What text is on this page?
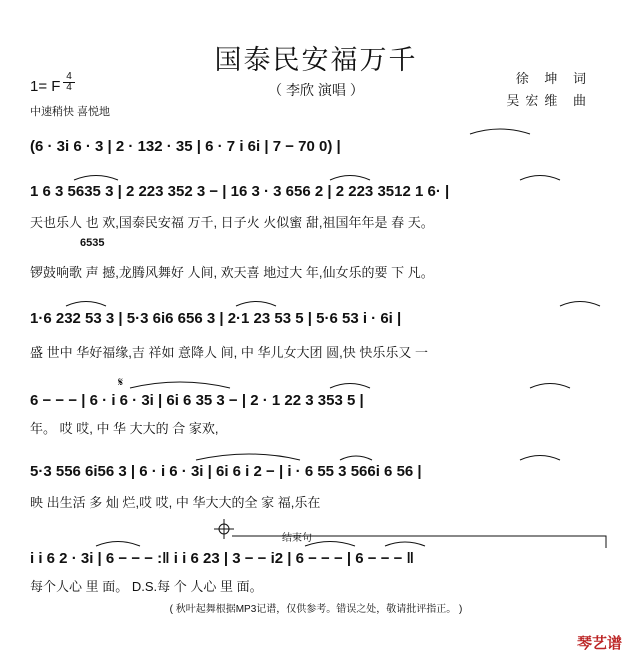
国泰民安福万千
（ 李欣 演唱 ）
1= F $\frac{4}{4}$
中速稍快 喜悦地
徐 坤 词
吴宏维 曲
(6 · 3i 6 · 3 | 2 · 132 · 35 | 6 · 7 i 6i | 7 − 70 0) |
1 6 3 5635 3 | 2 223 352 3 − | 16 3 · 3 656 2 | 2 223 3512 1 6· |
天也乐人 也 欢,国泰民安福 万千, 日子火 火似蜜 甜,祖国年年是 春 天。
6535
锣鼓响歌 声 撼,龙腾风舞好 人间, 欢天喜 地过大 年,仙女乐的要 下 凡。
1·6 232 53 3 | 5·3 6i6 656 3 | 2·1 23 53 5 | 5·6 53 i · 6i |
盛 世中 华好福缘,吉 祥如 意降人 间, 中 华儿女大团 圆,快 快乐乐又 一
6 − − − | 6 · i 6 · 3i | 6i 6 35 3 − | 2 · 1 22 3 353 5 |
年。 哎 哎, 中 华 大大的 合 家欢,
5·3 556 6i56 3 | 6 · i 6 · 3i | 6i 6 i 2 − | i · 6 55 3 566i 6 56 |
映 出生活 多 灿 烂,哎 哎, 中 华大大的全 家 福,乐在
结束句
i i 6 2 · 3i | 6 − − − :‖ i i 6 23 | 3 − − i2 | 6 − − − | 6 − − − ‖
每个人心 里 面。 D.S.每 个 人心 里 面。
( 秋叶起舞根据MP3记谱，仅供参考。错误之处，敬请批评指正。 )
琴艺谱
𝄋
